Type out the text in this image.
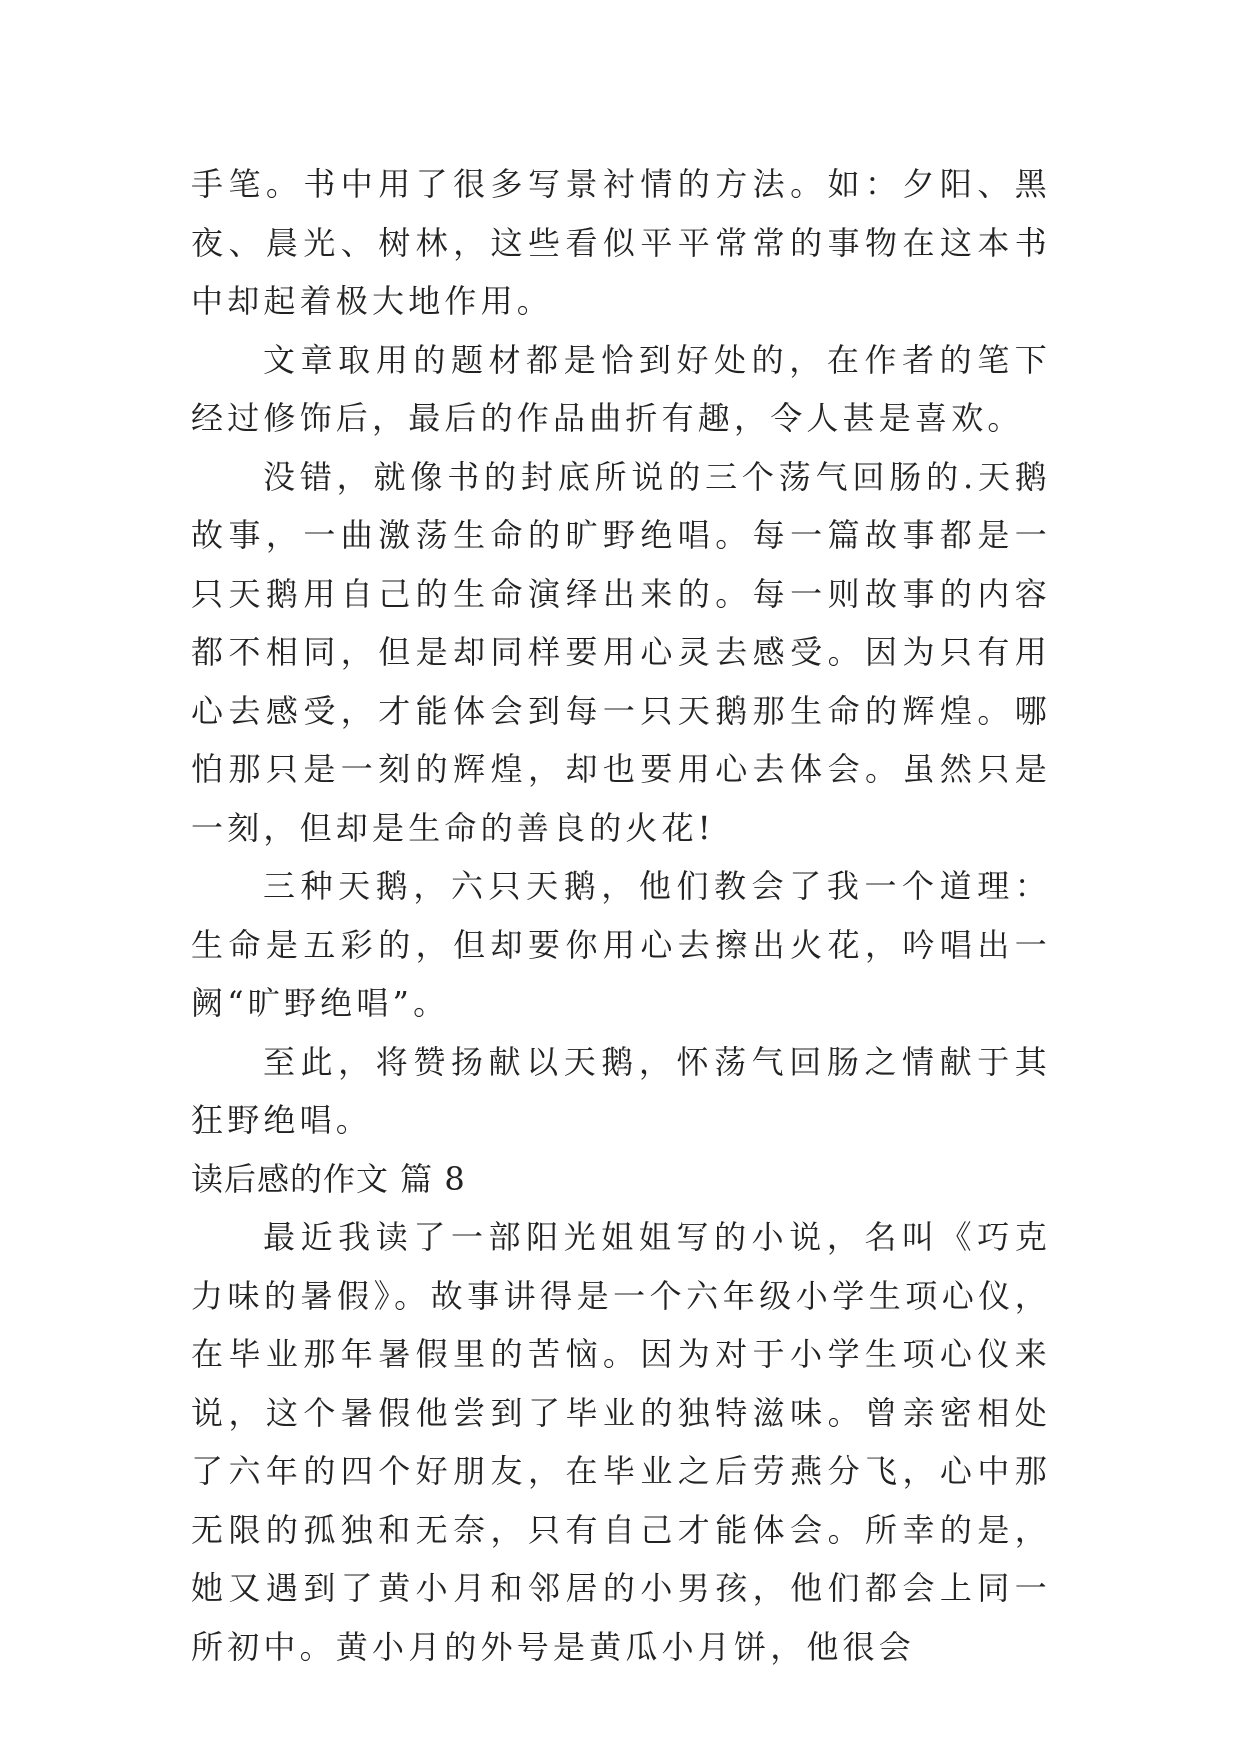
手笔。书中用了很多写景衬情的方法。如：夕阳、黑夜、晨光、树林，这些看似平平常常的事物在这本书中却起着极大地作用。

文章取用的题材都是恰到好处的，在作者的笔下经过修饰后，最后的作品曲折有趣，令人甚是喜欢。

没错，就像书的封底所说的三个荡气回肠的.天鹅故事，一曲激荡生命的旷野绝唱。每一篇故事都是一只天鹅用自己的生命演绎出来的。每一则故事的内容都不相同，但是却同样要用心灵去感受。因为只有用心去感受，才能体会到每一只天鹅那生命的辉煌。哪怕那只是一刻的辉煌，却也要用心去体会。虽然只是一刻，但却是生命的善良的火花!

三种天鹅，六只天鹅，他们教会了我一个道理：生命是五彩的，但却要你用心去擦出火花，吟唱出一阙“旷野绝唱”。

至此，将赞扬献以天鹅，怀荡气回肠之情献于其狂野绝唱。

读后感的作文 篇 8

最近我读了一部阳光姐姐写的小说，名叫《巧克力味的暑假》。故事讲得是一个六年级小学生项心仪，在毕业那年暑假里的苦恼。因为对于小学生项心仪来说，这个暑假他尝到了毕业的独特滋味。曾亲密相处了六年的四个好朋友，在毕业之后劳燕分飞，心中那无限的孤独和无奈，只有自己才能体会。所幸的是，她又遇到了黄小月和邻居的小男孩，他们都会上同一所初中。黄小月的外号是黄瓜小月饼，他很会
